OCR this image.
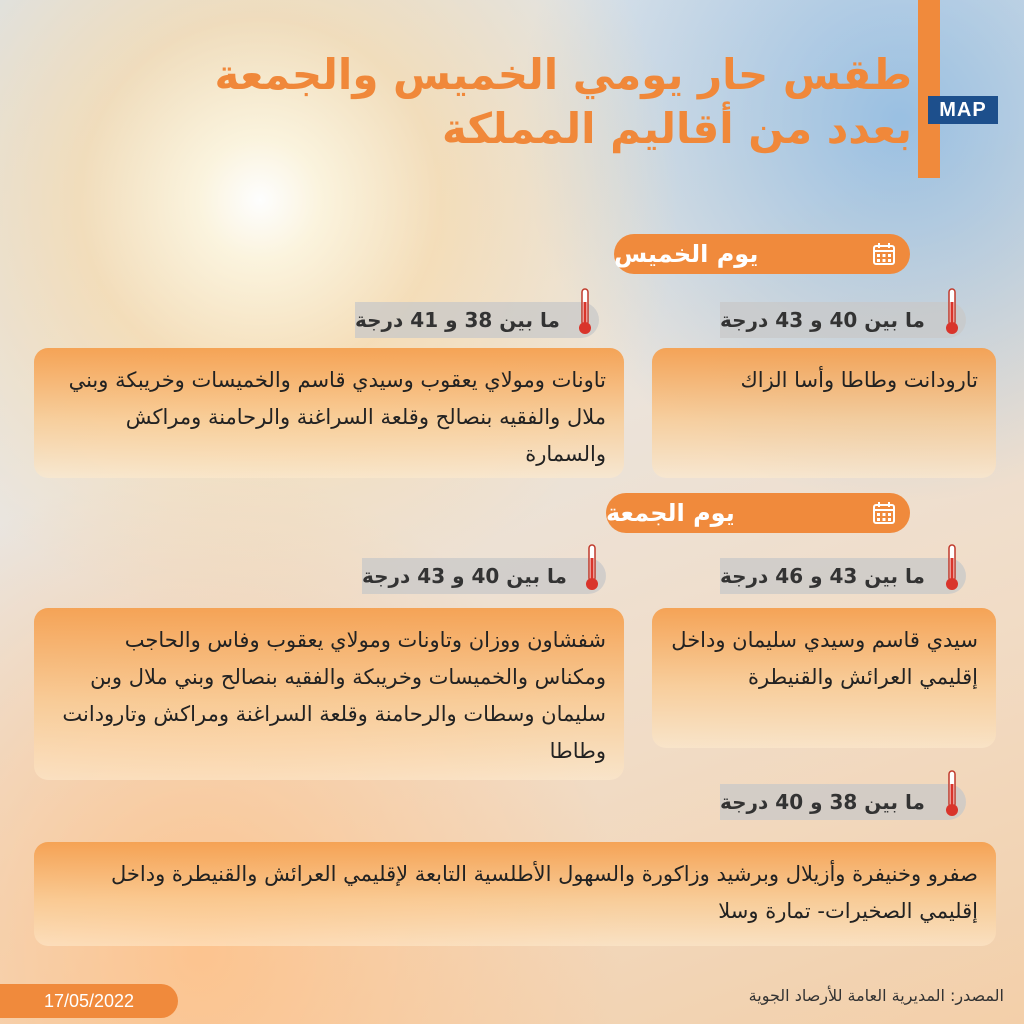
MAP
طقس حار يومي الخميس والجمعة
بعدد من أقاليم المملكة
يوم الخميس
ما بين 40 و 43 درجة
ما بين 38 و 41 درجة
تارودانت وطاطا وأسا الزاك
تاونات ومولاي يعقوب وسيدي قاسم والخميسات وخريبكة وبني ملال والفقيه بنصالح وقلعة السراغنة والرحامنة ومراكش والسمارة
يوم الجمعة
ما بين 43 و 46 درجة
ما بين 40 و 43 درجة
سيدي قاسم وسيدي سليمان وداخل إقليمي العرائش والقنيطرة
شفشاون ووزان وتاونات ومولاي يعقوب وفاس والحاجب ومكناس والخميسات وخريبكة والفقيه بنصالح وبني ملال وبن سليمان وسطات والرحامنة وقلعة السراغنة ومراكش وتارودانت وطاطا
ما بين 38 و 40 درجة
صفرو وخنيفرة وأزيلال وبرشيد وزاكورة والسهول الأطلسية التابعة لإقليمي العرائش والقنيطرة وداخل إقليمي الصخيرات- تمارة وسلا
المصدر: المديرية العامة للأرصاد الجوية
17/05/2022
